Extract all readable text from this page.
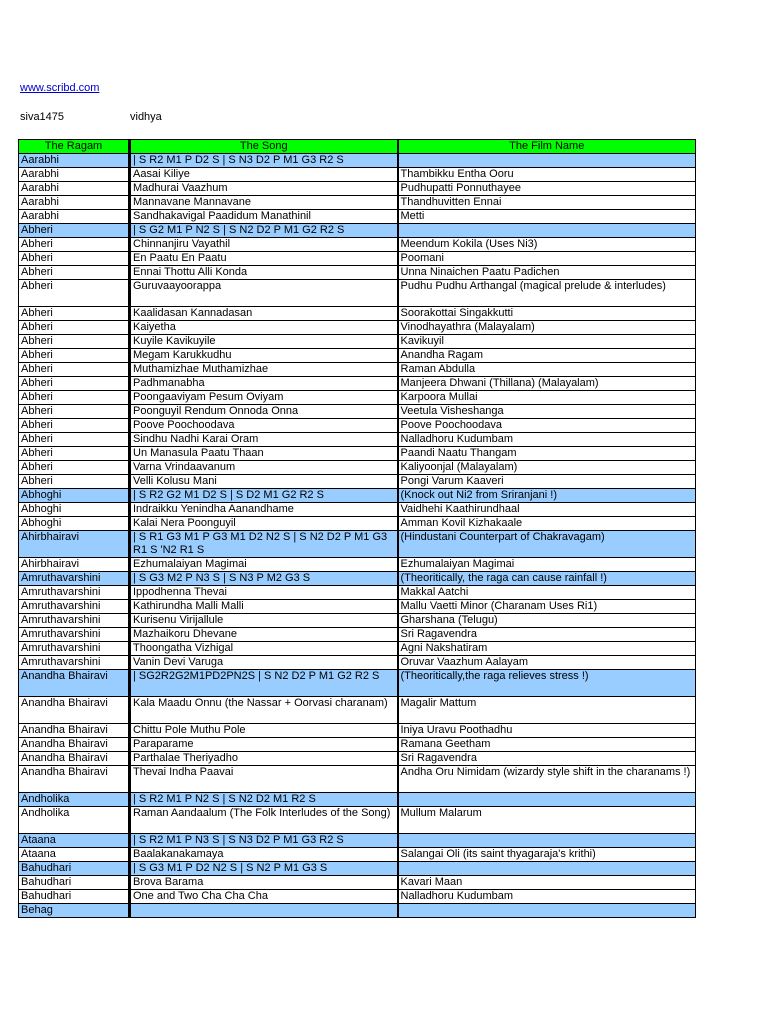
www.scribd.com
siva1475	vidhya
The Ragam	The Song	The Film Name
Aarabhi	| S R2 M1 P D2 S | S N3 D2 P M1 G3 R2 S	
Aarabhi	Aasai Kiliye	Thambikku Entha Ooru
Aarabhi	Madhurai Vaazhum	Pudhupatti Ponnuthayee
Aarabhi	Mannavane Mannavane	Thandhuvitten Ennai
Aarabhi	Sandhakavigal Paadidum Manathinil	Metti
Abheri	| S G2 M1 P N2 S | S N2 D2 P M1 G2 R2 S	
Abheri	Chinnanjiru Vayathil	Meendum Kokila (Uses Ni3)
Abheri	En Paatu En Paatu	Poomani
Abheri	Ennai Thottu Alli Konda	Unna Ninaichen Paatu Padichen
Abheri	Guruvaayoorappa	Pudhu Pudhu Arthangal (magical prelude & interludes)
Abheri	Kaalidasan Kannadasan	Soorakottai Singakkutti
Abheri	Kaiyetha	Vinodhayathra (Malayalam)
Abheri	Kuyile Kavikuyile	Kavikuyil
Abheri	Megam Karukkudhu	Anandha Ragam
Abheri	Muthamizhae Muthamizhae	Raman Abdulla
Abheri	Padhmanabha	Manjeera Dhwani (Thillana) (Malayalam)
Abheri	Poongaaviyam Pesum Oviyam	Karpoora Mullai
Abheri	Poonguyil Rendum Onnoda Onna	Veetula Visheshanga
Abheri	Poove Poochoodava	Poove Poochoodava
Abheri	Sindhu Nadhi Karai Oram	Nalladhoru Kudumbam
Abheri	Un Manasula Paatu Thaan	Paandi Naatu Thangam
Abheri	Varna Vrindaavanum	Kaliyoonjal (Malayalam)
Abheri	Velli Kolusu Mani	Pongi Varum Kaaveri
Abhoghi	| S R2 G2 M1 D2 S | S D2 M1 G2 R2 S	(Knock out Ni2 from Sriranjani !)
Abhoghi	Indraikku Yenindha Aanandhame	Vaidhehi Kaathirundhaal
Abhoghi	Kalai Nera Poonguyil	Amman Kovil Kizhakaale
Ahirbhairavi	| S R1 G3 M1 P G3 M1 D2 N2 S | S N2 D2 P M1 G3 R1 S 'N2 R1 S	(Hindustani Counterpart of Chakravagam)
Ahirbhairavi	Ezhumalaiyan Magimai	Ezhumalaiyan Magimai
Amruthavarshini	| S G3 M2 P N3 S | S N3 P M2 G3 S	(Theoritically, the raga can cause rainfall !)
Amruthavarshini	Ippodhenna Thevai	Makkal Aatchi
Amruthavarshini	Kathirundha Malli Malli	Mallu Vaetti Minor (Charanam Uses Ri1)
Amruthavarshini	Kurisenu Virijallule	Gharshana (Telugu)
Amruthavarshini	Mazhaikoru Dhevane	Sri Ragavendra
Amruthavarshini	Thoongatha Vizhigal	Agni Nakshatiram
Amruthavarshini	Vanin Devi Varuga	Oruvar Vaazhum Aalayam
Anandha Bhairavi	| SG2R2G2M1PD2PN2S | S N2 D2 P M1 G2 R2 S	(Theoritically,the raga relieves stress !)
Anandha Bhairavi	Kala Maadu Onnu (the Nassar + Oorvasi charanam)	Magalir Mattum
Anandha Bhairavi	Chittu Pole Muthu Pole	Iniya Uravu Poothadhu
Anandha Bhairavi	Paraparame	Ramana Geetham
Anandha Bhairavi	Parthalae Theriyadho	Sri Ragavendra
Anandha Bhairavi	Thevai Indha Paavai	Andha Oru Nimidam (wizardy style shift in the charanams !)
Andholika	| S R2 M1 P N2 S | S N2 D2 M1 R2 S	
Andholika	Raman Aandaalum (The Folk Interludes of the Song)	Mullum Malarum
Ataana	| S R2 M1 P N3 S | S N3 D2 P M1 G3 R2 S	
Ataana	Baalakanakamaya	Salangai Oli (its saint thyagaraja's krithi)
Bahudhari	| S G3 M1 P D2 N2 S | S N2 P M1 G3 S	
Bahudhari	Brova Barama	Kavari Maan
Bahudhari	One and Two Cha Cha Cha	Nalladhoru Kudumbam
Behag		
